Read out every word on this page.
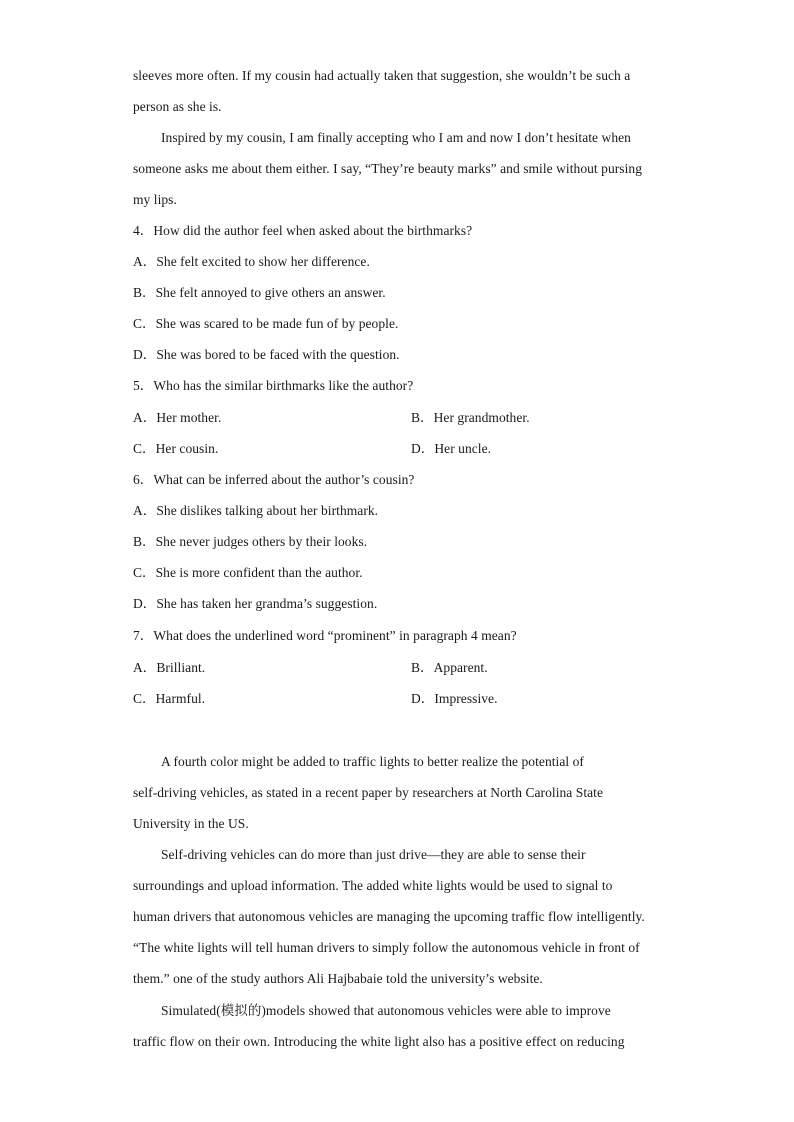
sleeves more often. If my cousin had actually taken that suggestion, she wouldn’t be such a
person as she is.
Inspired by my cousin, I am finally accepting who I am and now I don’t hesitate when
someone asks me about them either. I say, “They’re beauty marks” and smile without pursing
my lips.
4．How did the author feel when asked about the birthmarks?
A．She felt excited to show her difference.
B．She felt annoyed to give others an answer.
C．She was scared to be made fun of by people.
D．She was bored to be faced with the question.
5．Who has the similar birthmarks like the author?
A．Her mother.	B．Her grandmother.
C．Her cousin.	D．Her uncle.
6．What can be inferred about the author’s cousin?
A．She dislikes talking about her birthmark.
B．She never judges others by their looks.
C．She is more confident than the author.
D．She has taken her grandma’s suggestion.
7．What does the underlined word “prominent” in paragraph 4 mean?
A．Brilliant.	B．Apparent.
C．Harmful.	D．Impressive.
A fourth color might be added to traffic lights to better realize the potential of
self-driving vehicles, as stated in a recent paper by researchers at North Carolina State
University in the US.
Self-driving vehicles can do more than just drive—they are able to sense their
surroundings and upload information. The added white lights would be used to signal to
human drivers that autonomous vehicles are managing the upcoming traffic flow intelligently.
“The white lights will tell human drivers to simply follow the autonomous vehicle in front of
them.” one of the study authors Ali Hajbabaie told the university’s website.
Simulated(模拟的)models showed that autonomous vehicles were able to improve
traffic flow on their own. Introducing the white light also has a positive effect on reducing
